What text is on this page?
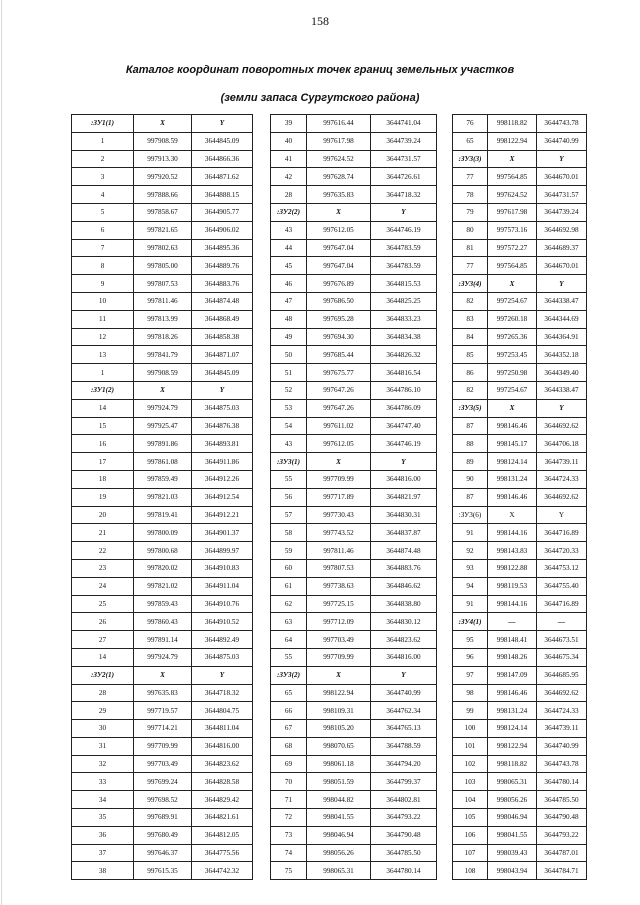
158
Каталог координат поворотных точек границ земельных участков
(земли запаса Сургутского района)
:ЗУ1(1)	X	Y
1	997908.59	3644845.09
2	997913.30	3644866.36
3	997920.52	3644871.62
4	997888.66	3644888.15
5	997858.67	3644905.77
6	997821.65	3644906.02
7	997802.63	3644895.36
8	997805.00	3644889.76
9	997807.53	3644883.76
10	997811.46	3644874.48
11	997813.99	3644868.49
12	997818.26	3644858.38
13	997841.79	3644871.07
1	997908.59	3644845.09
:ЗУ1(2)	X	Y
14	997924.79	3644875.03
15	997925.47	3644876.38
16	997891.86	3644893.81
17	997861.08	3644911.86
18	997859.49	3644912.26
19	997821.03	3644912.54
20	997819.41	3644912.21
21	997800.09	3644901.37
22	997800.68	3644899.97
23	997820.02	3644910.83
24	997821.02	3644911.04
25	997859.43	3644910.76
26	997860.43	3644910.52
27	997891.14	3644892.49
14	997924.79	3644875.03
:ЗУ2(1)	X	Y
28	997635.83	3644718.32
29	997719.57	3644804.75
30	997714.21	3644811.04
31	997709.99	3644816.00
32	997703.49	3644823.62
33	997699.24	3644828.58
34	997698.52	3644829.42
35	997689.91	3644821.61
36	997680.49	3644812.05
37	997646.37	3644775.56
38	997615.35	3644742.32
39	997616.44	3644741.04
40	997617.98	3644739.24
41	997624.52	3644731.57
42	997628.74	3644726.61
28	997635.83	3644718.32
:ЗУ2(2)	X	Y
43	997612.05	3644746.19
44	997647.04	3644783.59
45	997647.04	3644783.59
46	997676.89	3644815.53
47	997686.50	3644825.25
48	997695.28	3644833.23
49	997694.30	3644834.38
50	997685.44	3644826.32
51	997675.77	3644816.54
52	997647.26	3644786.10
53	997647.26	3644786.09
54	997611.02	3644747.40
43	997612.05	3644746.19
:ЗУ3(1)	X	Y
55	997709.99	3644816.00
56	997717.89	3644821.97
57	997730.43	3644830.31
58	997743.52	3644837.87
59	997811.46	3644874.48
60	997807.53	3644883.76
61	997738.63	3644846.62
62	997725.15	3644838.80
63	997712.09	3644830.12
64	997703.49	3644823.62
55	997709.99	3644816.00
:ЗУ3(2)	X	Y
65	998122.94	3644740.99
66	998109.31	3644762.34
67	998105.20	3644765.13
68	998070.65	3644788.59
69	998061.18	3644794.20
70	998051.59	3644799.37
71	998044.82	3644802.81
72	998041.55	3644793.22
73	998046.94	3644790.48
74	998056.26	3644785.50
75	998065.31	3644780.14
76	998118.82	3644743.78
65	998122.94	3644740.99
:ЗУ3(3)	X	Y
77	997564.85	3644670.01
78	997624.52	3644731.57
79	997617.98	3644739.24
80	997573.16	3644692.98
81	997572.27	3644689.37
77	997564.85	3644670.01
:ЗУ3(4)	X	Y
82	997254.67	3644338.47
83	997260.18	3644344.69
84	997265.36	3644364.91
85	997253.45	3644352.18
86	997250.98	3644349.40
82	997254.67	3644338.47
:ЗУ3(5)	X	Y
87	998146.46	3644692.62
88	998145.17	3644706.18
89	998124.14	3644739.11
90	998131.24	3644724.33
87	998146.46	3644692.62
:ЗУ3(6)	X	Y
91	998144.16	3644716.89
92	998143.83	3644720.33
93	998122.88	3644753.12
94	998119.53	3644755.40
91	998144.16	3644716.89
:ЗУ4(1)	—	—
95	998148.41	3644673.51
96	998148.26	3644675.34
97	998147.09	3644685.95
98	998146.46	3644692.62
99	998131.24	3644724.33
100	998124.14	3644739.11
101	998122.94	3644740.99
102	998118.82	3644743.78
103	998065.31	3644780.14
104	998056.26	3644785.50
105	998046.94	3644790.48
106	998041.55	3644793.22
107	998039.43	3644787.01
108	998043.94	3644784.71
